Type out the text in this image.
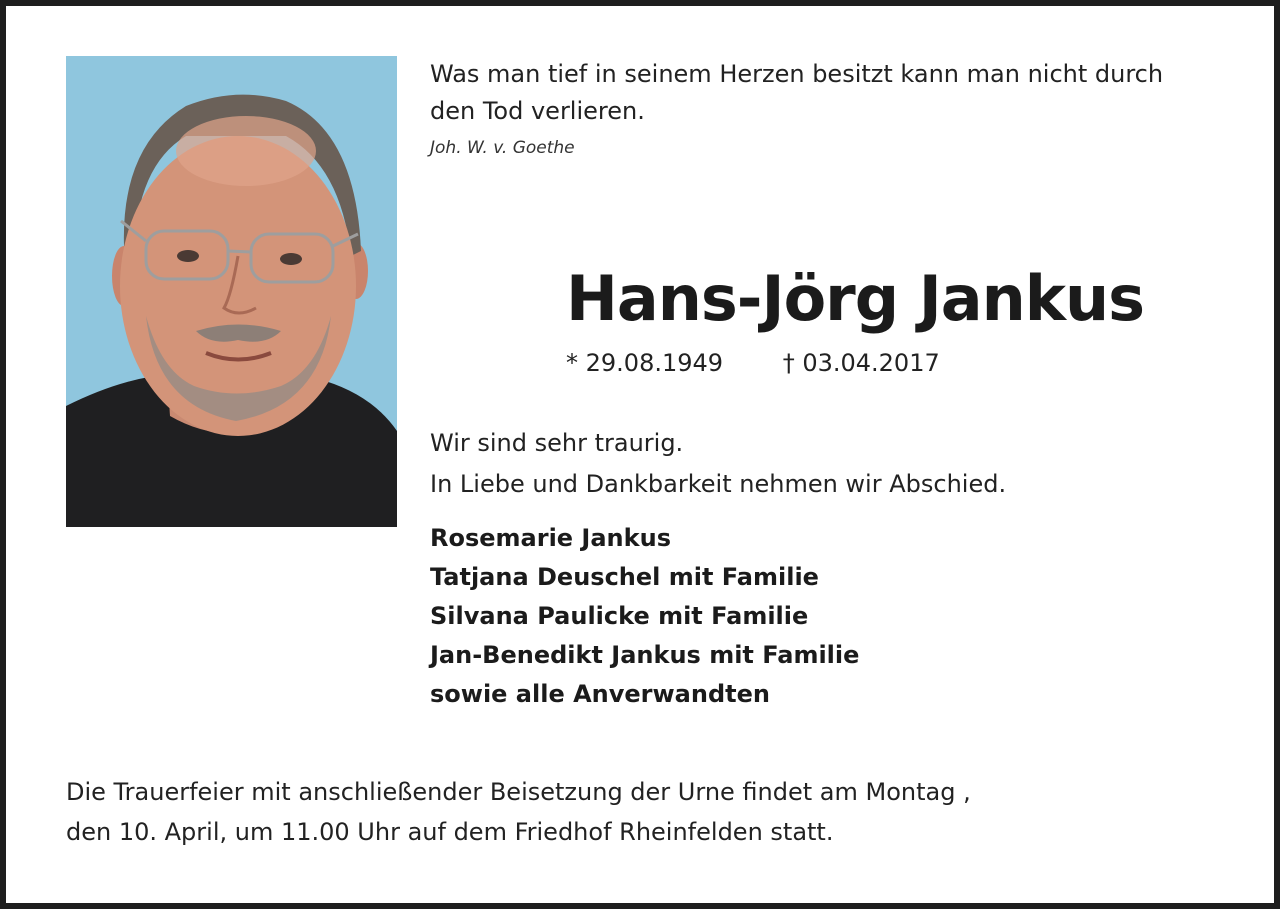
Was man tief in seinem Herzen besitzt kann man nicht durch
den Tod verlieren.
Joh. W. v. Goethe
Hans-Jörg Jankus
* 29.08.1949 † 03.04.2017
Wir sind sehr traurig.
In Liebe und Dankbarkeit nehmen wir Abschied.
Rosemarie Jankus
Tatjana Deuschel mit Familie
Silvana Paulicke mit Familie
Jan-Benedikt Jankus mit Familie
sowie alle Anverwandten
Die Trauerfeier mit anschließender Beisetzung der Urne findet am Montag ,
den 10. April, um 11.00 Uhr auf dem Friedhof Rheinfelden statt.
